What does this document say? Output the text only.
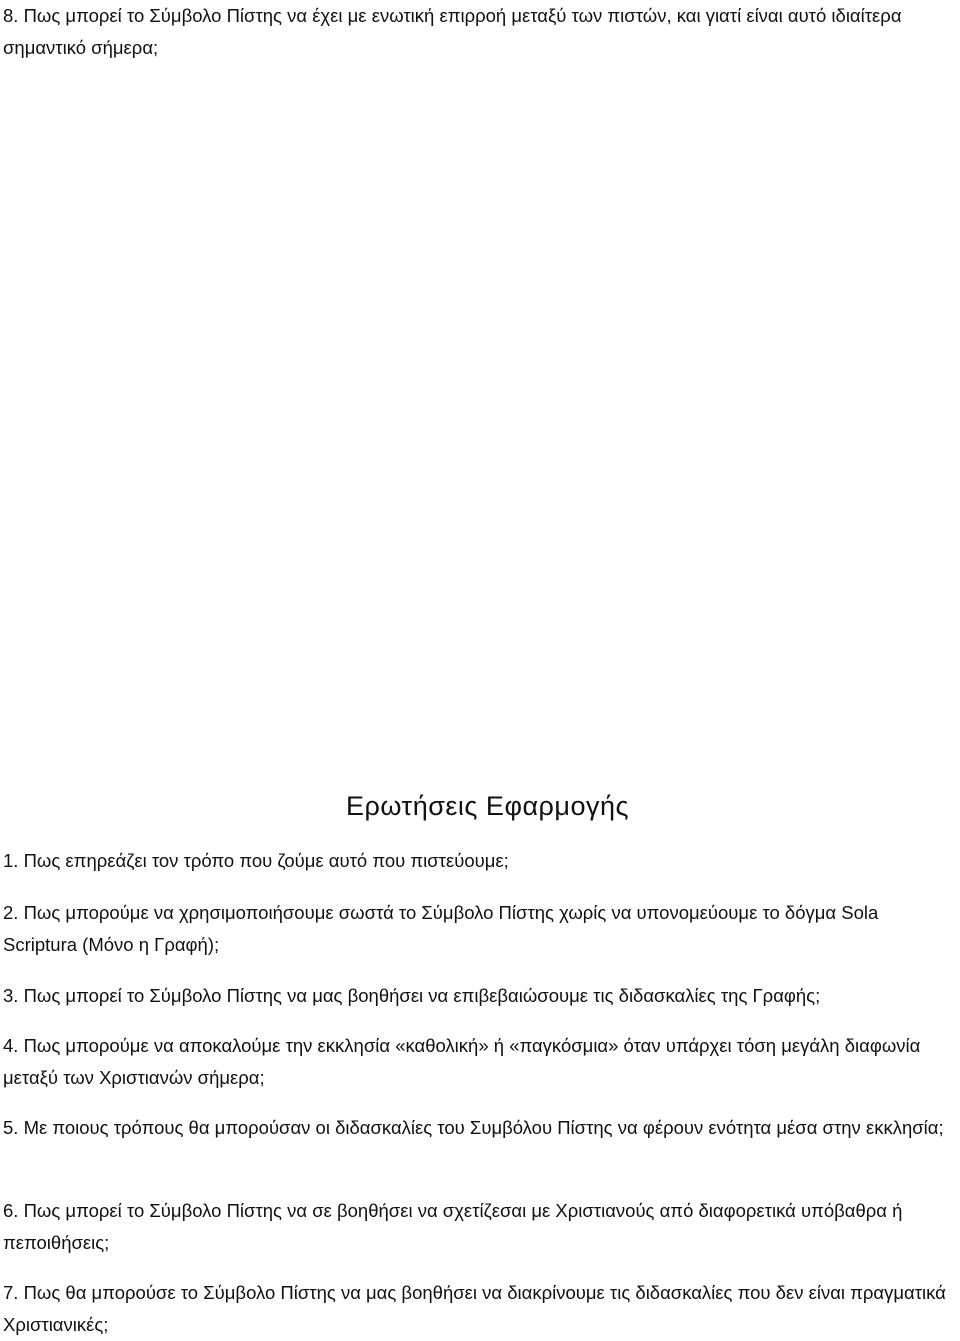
8. Πως μπορεί το Σύμβολο Πίστης να έχει με ενωτική επιρροή μεταξύ των πιστών, και γιατί είναι αυτό ιδιαίτερα σημαντικό σήμερα;

Ερωτήσεις Εφαρμογής

1. Πως επηρεάζει τον τρόπο που ζούμε αυτό που πιστεύουμε;

2. Πως μπορούμε να χρησιμοποιήσουμε σωστά το Σύμβολο Πίστης χωρίς να υπονομεύουμε το δόγμα Sola Scriptura (Μόνο η Γραφή);

3. Πως μπορεί το Σύμβολο Πίστης να μας βοηθήσει να επιβεβαιώσουμε τις διδασκαλίες της Γραφής;

4. Πως μπορούμε να αποκαλούμε την εκκλησία «καθολική» ή «παγκόσμια» όταν υπάρχει τόση μεγάλη διαφωνία μεταξύ των Χριστιανών σήμερα;

5. Με ποιους τρόπους θα μπορούσαν οι διδασκαλίες του Συμβόλου Πίστης να φέρουν ενότητα μέσα στην εκκλησία;

6. Πως μπορεί το Σύμβολο Πίστης να σε βοηθήσει να σχετίζεσαι με Χριστιανούς από διαφορετικά υπόβαθρα ή πεποιθήσεις;

7. Πως θα μπορούσε το Σύμβολο Πίστης να μας βοηθήσει να διακρίνουμε τις διδασκαλίες που δεν είναι πραγματικά Χριστιανικές;
